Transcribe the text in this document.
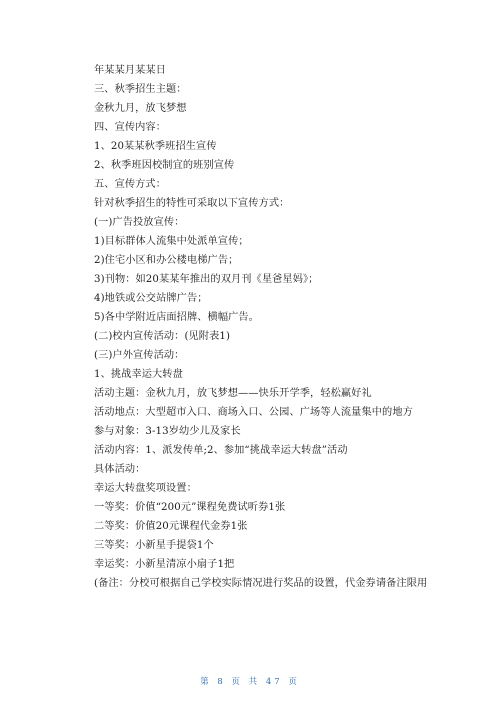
年某某月某某日
三、秋季招生主题：
金秋九月，放飞梦想
四、宣传内容：
1、20某某秋季班招生宣传
2、秋季班因校制宜的班别宣传
五、宣传方式：
针对秋季招生的特性可采取以下宣传方式：
(一)广告投放宣传：
1)目标群体人流集中处派单宣传；
2)住宅小区和办公楼电梯广告；
3)刊物：如20某某年推出的双月刊《星爸星妈》；
4)地铁或公交站牌广告；
5)各中学附近店面招牌、横幅广告。
(二)校内宣传活动：(见附表1)
(三)户外宣传活动：
1、挑战幸运大转盘
活动主题：金秋九月，放飞梦想——快乐开学季，轻松赢好礼
活动地点：大型超市入口、商场入口、公园、广场等人流量集中的地方
参与对象：3-13岁幼少儿及家长
活动内容：1、派发传单;2、参加“挑战幸运大转盘”活动
具体活动：
幸运大转盘奖项设置：
一等奖：价值“200元”课程免费试听券1张
二等奖：价值20元课程代金券1张
三等奖：小新星手提袋1个
幸运奖：小新星清凉小扇子1把
(备注：分校可根据自己学校实际情况进行奖品的设置，代金券请备注限用
第 8 页 共 47 页
